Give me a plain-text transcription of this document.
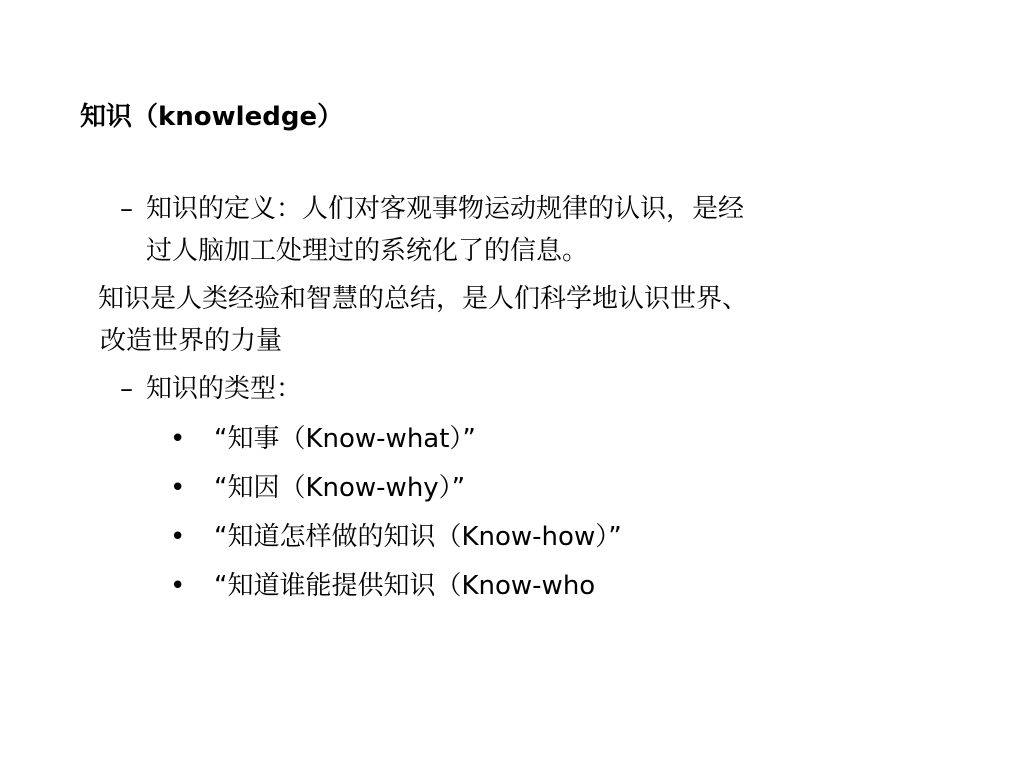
知识（knowledge）
– 知识的定义：人们对客观事物运动规律的认识，是经
过人脑加工处理过的系统化了的信息。
知识是人类经验和智慧的总结，是人们科学地认识世界、
改造世界的力量
– 知识的类型：
• “知事（Know-what）”
• “知因（Know-why）”
• “知道怎样做的知识（Know-how）”
• “知道谁能提供知识（Know-who
